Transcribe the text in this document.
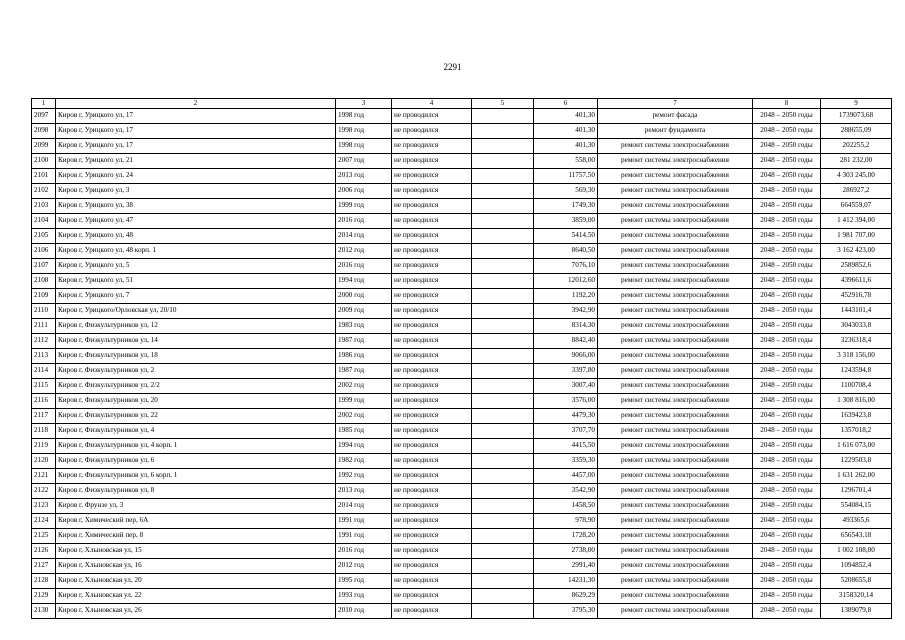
2291
1	2	3	4	5	6	7	8	9
2097	Киров г, Урицкого ул, 17	1998 год	не проводился		401,30	ремонт фасада	2048 – 2050 годы	1739073,68
2098	Киров г, Урицкого ул, 17	1998 год	не проводился		401,30	ремонт фундамента	2048 – 2050 годы	288655,09
2099	Киров г, Урицкого ул, 17	1998 год	не проводился		401,30	ремонт системы электроснабжения	2048 – 2050 годы	202255,2
2100	Киров г, Урицкого ул, 21	2007 год	не проводился		558,00	ремонт системы электроснабжения	2048 – 2050 годы	281 232,00
2101	Киров г, Урицкого ул, 24	2013 год	не проводился		11757,50	ремонт системы электроснабжения	2048 – 2050 годы	4 303 245,00
2102	Киров г, Урицкого ул, 3	2006 год	не проводился		569,30	ремонт системы электроснабжения	2048 – 2050 годы	286927,2
2103	Киров г, Урицкого ул, 38	1999 год	не проводился		1749,30	ремонт системы электроснабжения	2048 – 2050 годы	664559,07
2104	Киров г, Урицкого ул, 47	2016 год	не проводился		3859,00	ремонт системы электроснабжения	2048 – 2050 годы	1 412 394,00
2105	Киров г, Урицкого ул, 48	2014 год	не проводился		5414,50	ремонт системы электроснабжения	2048 – 2050 годы	1 981 707,00
2106	Киров г, Урицкого ул, 48 корп. 1	2012 год	не проводился		8640,50	ремонт системы электроснабжения	2048 – 2050 годы	3 162 423,00
2107	Киров г, Урицкого ул, 5	2016 год	не проводился		7076,10	ремонт системы электроснабжения	2048 – 2050 годы	2589852,6
2108	Киров г, Урицкого ул, 51	1994 год	не проводился		12012,60	ремонт системы электроснабжения	2048 – 2050 годы	4396611,6
2109	Киров г, Урицкого ул, 7	2000 год	не проводился		1192,20	ремонт системы электроснабжения	2048 – 2050 годы	452916,78
2110	Киров г, Урицкого/Орловская ул, 20/10	2009 год	не проводился		3942,90	ремонт системы электроснабжения	2048 – 2050 годы	1443101,4
2111	Киров г, Физкультурников ул, 12	1983 год	не проводился		8314,30	ремонт системы электроснабжения	2048 – 2050 годы	3043033,8
2112	Киров г, Физкультурников ул, 14	1987 год	не проводился		8842,40	ремонт системы электроснабжения	2048 – 2050 годы	3236318,4
2113	Киров г, Физкультурников ул, 18	1986 год	не проводился		9066,00	ремонт системы электроснабжения	2048 – 2050 годы	3 318 156,00
2114	Киров г, Физкультурников ул, 2	1987 год	не проводился		3397,80	ремонт системы электроснабжения	2048 – 2050 годы	1243594,8
2115	Киров г, Физкультурников ул, 2/2	2002 год	не проводился		3007,40	ремонт системы электроснабжения	2048 – 2050 годы	1100708,4
2116	Киров г, Физкультурников ул, 20	1999 год	не проводился		3576,00	ремонт системы электроснабжения	2048 – 2050 годы	1 308 816,00
2117	Киров г, Физкультурников ул, 22	2002 год	не проводился		4479,30	ремонт системы электроснабжения	2048 – 2050 годы	1639423,8
2118	Киров г, Физкультурников ул, 4	1985 год	не проводился		3707,70	ремонт системы электроснабжения	2048 – 2050 годы	1357018,2
2119	Киров г, Физкультурников ул, 4 корп. 1	1994 год	не проводился		4415,50	ремонт системы электроснабжения	2048 – 2050 годы	1 616 073,00
2120	Киров г, Физкультурников ул, 6	1982 год	не проводился		3359,30	ремонт системы электроснабжения	2048 – 2050 годы	1229503,8
2121	Киров г, Физкультурников ул, 6 корп. 1	1992 год	не проводился		4457,00	ремонт системы электроснабжения	2048 – 2050 годы	1 631 262,00
2122	Киров г, Физкультурников ул, 8	2013 год	не проводился		3542,90	ремонт системы электроснабжения	2048 – 2050 годы	1296701,4
2123	Киров г, Фрунзе ул, 3	2014 год	не проводился		1458,50	ремонт системы электроснабжения	2048 – 2050 годы	554084,15
2124	Киров г, Химический пер, 6А	1991 год	не проводился		978,90	ремонт системы электроснабжения	2048 – 2050 годы	493365,6
2125	Киров г, Химический пер, 8	1991 год	не проводился		1728,20	ремонт системы электроснабжения	2048 – 2050 годы	656543,18
2126	Киров г, Хлыновская ул, 15	2016 год	не проводился		2738,00	ремонт системы электроснабжения	2048 – 2050 годы	1 002 108,00
2127	Киров г, Хлыновская ул, 16	2012 год	не проводился		2991,40	ремонт системы электроснабжения	2048 – 2050 годы	1094852,4
2128	Киров г, Хлыновская ул, 20	1995 год	не проводился		14231,30	ремонт системы электроснабжения	2048 – 2050 годы	5208655,8
2129	Киров г, Хлыновская ул, 22	1993 год	не проводился		8629,29	ремонт системы электроснабжения	2048 – 2050 годы	3158320,14
2130	Киров г, Хлыновская ул, 26	2010 год	не проводился		3795,30	ремонт системы электроснабжения	2048 – 2050 годы	1389079,8
